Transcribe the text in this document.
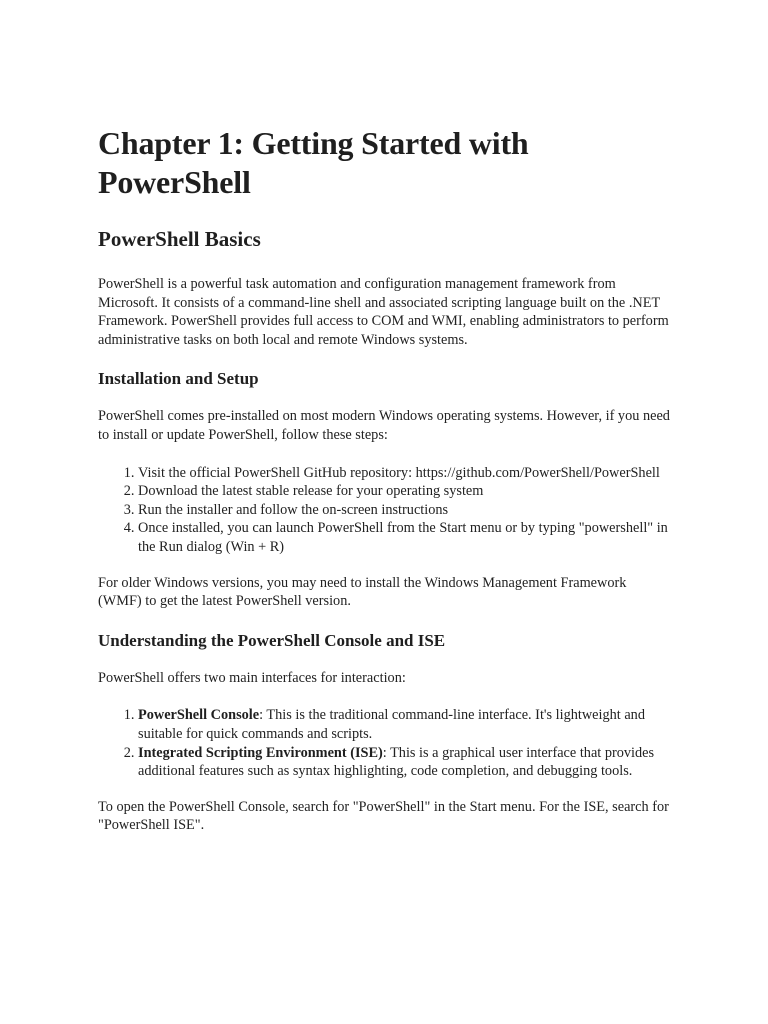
Chapter 1: Getting Started with PowerShell
PowerShell Basics

PowerShell is a powerful task automation and configuration management framework from Microsoft. It consists of a command-line shell and associated scripting language built on the .NET Framework. PowerShell provides full access to COM and WMI, enabling administrators to perform administrative tasks on both local and remote Windows systems.

Installation and Setup

PowerShell comes pre-installed on most modern Windows operating systems. However, if you need to install or update PowerShell, follow these steps:

1. Visit the official PowerShell GitHub repository: https://github.com/PowerShell/PowerShell
2. Download the latest stable release for your operating system
3. Run the installer and follow the on-screen instructions
4. Once installed, you can launch PowerShell from the Start menu or by typing "powershell" in the Run dialog (Win + R)

For older Windows versions, you may need to install the Windows Management Framework (WMF) to get the latest PowerShell version.

Understanding the PowerShell Console and ISE

PowerShell offers two main interfaces for interaction:

1. PowerShell Console: This is the traditional command-line interface. It's lightweight and suitable for quick commands and scripts.
2. Integrated Scripting Environment (ISE): This is a graphical user interface that provides additional features such as syntax highlighting, code completion, and debugging tools.

To open the PowerShell Console, search for "PowerShell" in the Start menu. For the ISE, search for "PowerShell ISE".
